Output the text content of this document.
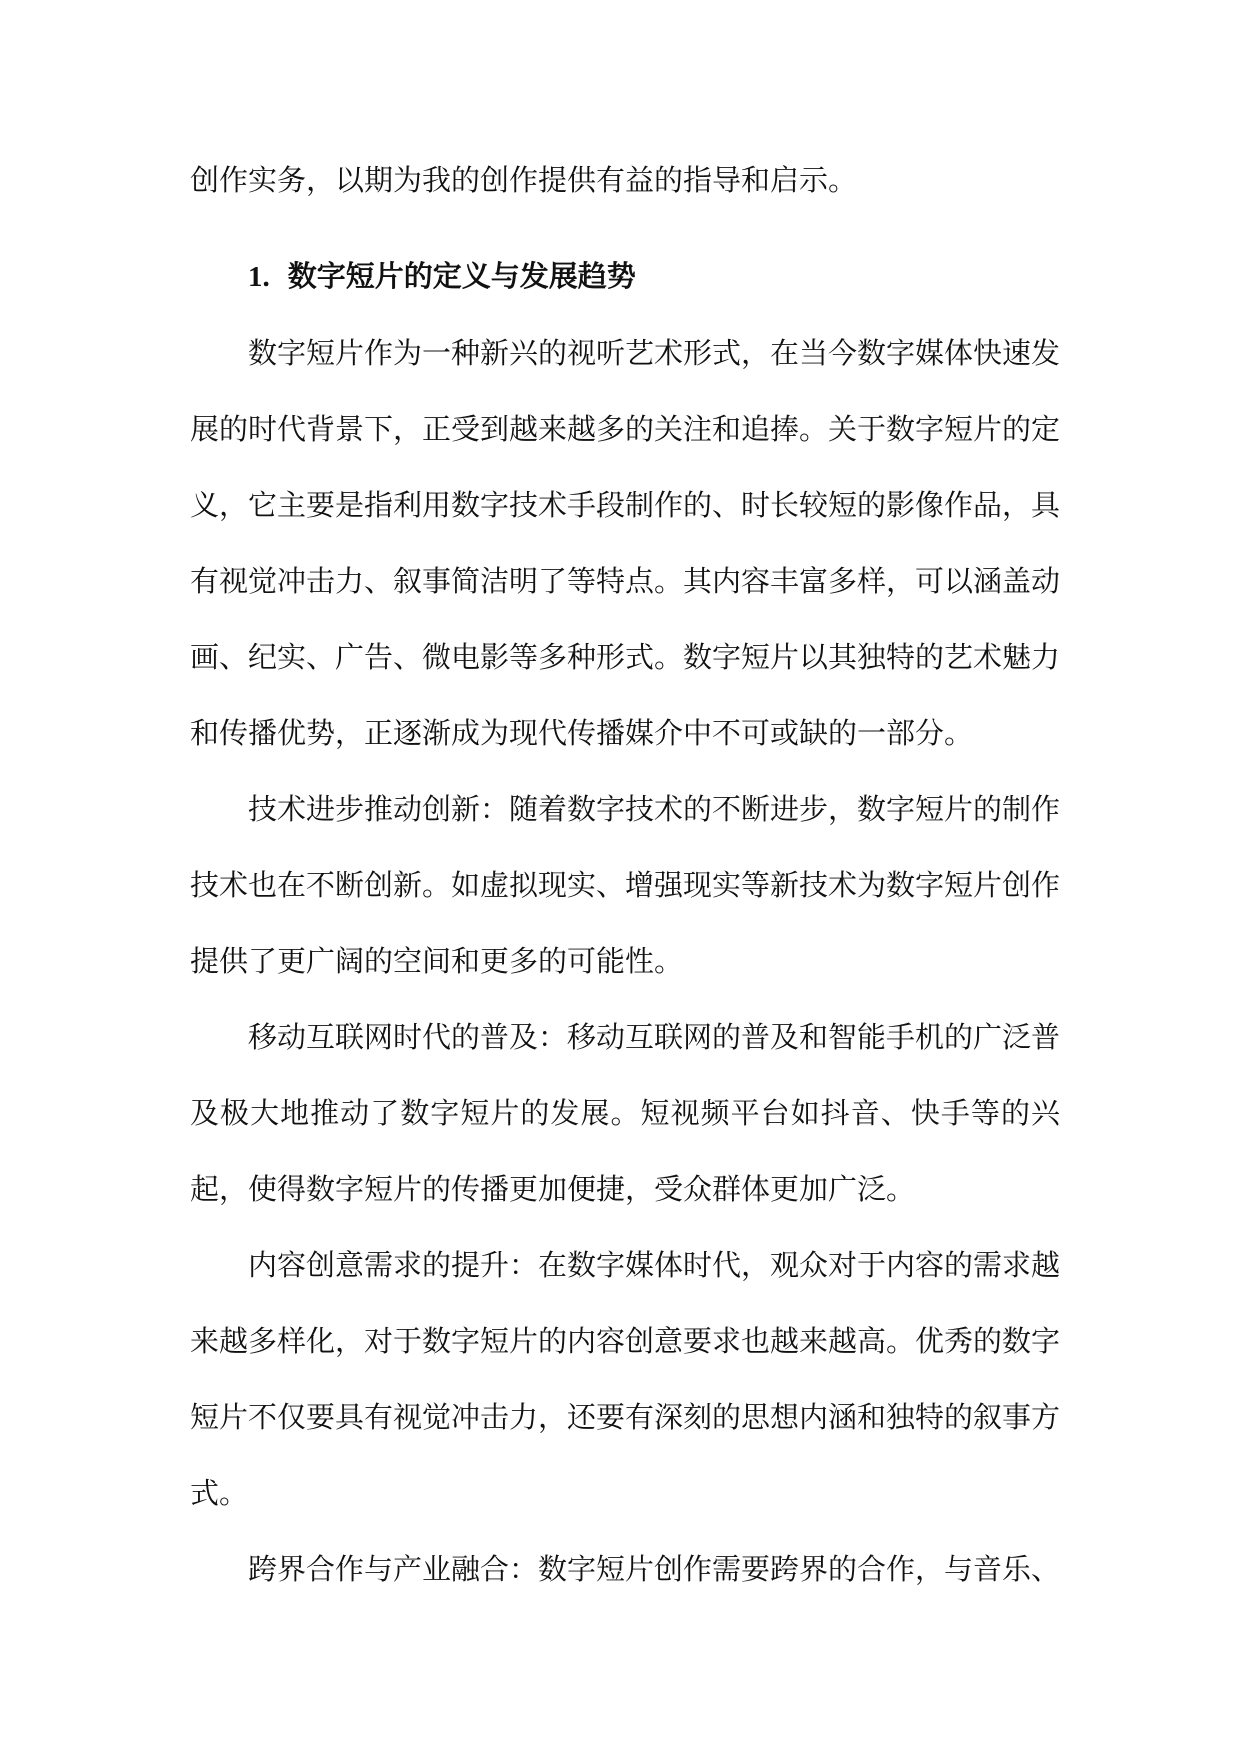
创作实务，以期为我的创作提供有益的指导和启示。

1. 数字短片的定义与发展趋势

数字短片作为一种新兴的视听艺术形式，在当今数字媒体快速发展的时代背景下，正受到越来越多的关注和追捧。关于数字短片的定义，它主要是指利用数字技术手段制作的、时长较短的影像作品，具有视觉冲击力、叙事简洁明了等特点。其内容丰富多样，可以涵盖动画、纪实、广告、微电影等多种形式。数字短片以其独特的艺术魅力和传播优势，正逐渐成为现代传播媒介中不可或缺的一部分。

技术进步推动创新：随着数字技术的不断进步，数字短片的制作技术也在不断创新。如虚拟现实、增强现实等新技术为数字短片创作提供了更广阔的空间和更多的可能性。

移动互联网时代的普及：移动互联网的普及和智能手机的广泛普及极大地推动了数字短片的发展。短视频平台如抖音、快手等的兴起，使得数字短片的传播更加便捷，受众群体更加广泛。

内容创意需求的提升：在数字媒体时代，观众对于内容的需求越来越多样化，对于数字短片的内容创意要求也越来越高。优秀的数字短片不仅要具有视觉冲击力，还要有深刻的思想内涵和独特的叙事方式。

跨界合作与产业融合：数字短片创作需要跨界的合作，与音乐、
